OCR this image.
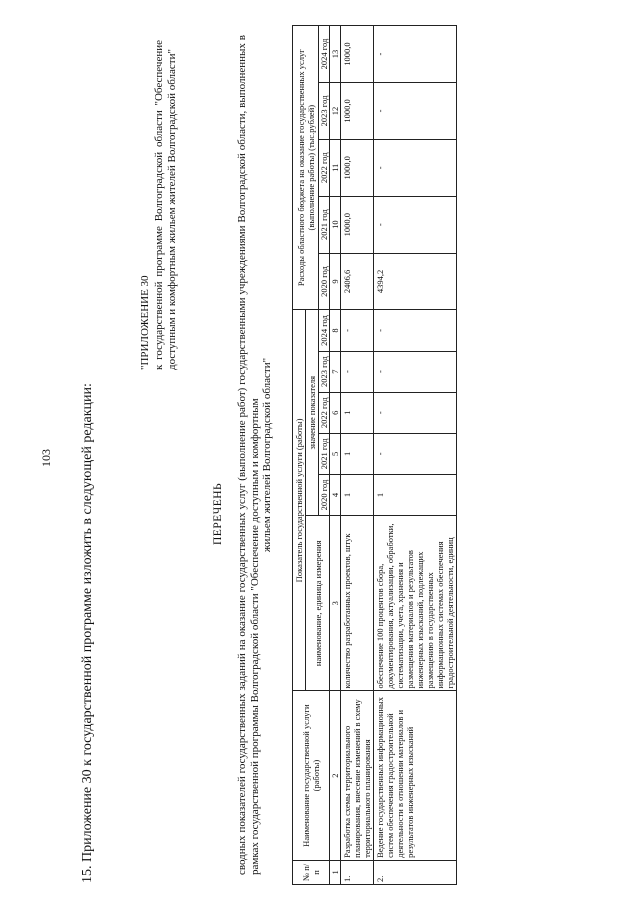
103 15. Приложение 30 к государственной программе изложить в следующей редакции:
"ПРИЛОЖЕНИЕ 30 к государственной программе Волгоградской области "Обеспечение доступным и комфортным жильем жителей Волгоградской области"
ПЕРЕЧЕНЬ сводных показателей государственных заданий на оказание государственных услуг (выполнение работ) государственными учреждениями Волгоградской области, выполненных в рамках государственной программы Волгоградской области "Обеспечение доступным и комфортным жильем жителей Волгоградской области"
№ п/п	Наименование государственной услуги (работы)	Показатель государственной услуги (работы)						Расходы областного бюджета на оказание государственных услуг (выполнение работы) (тыс.рублей)				
		наименование, единица измерения	значение показателя									
			2020 год	2021 год	2022 год	2023 год	2024 год	2020 год	2021 год	2022 год	2023 год	2024 год
1	2	3	4	5	6	7	8	9	10	11	12	13
1.	Разработка схемы территориального планирования, внесение изменений в схему территориального планирования	количество разработанных проектов, штук	1	1	1	-	-	2406,6	1000,0	1000,0	1000,0	1000,0
2.	Ведение государственных информационных систем обеспечения градостроительной деятельности в отношении материалов и результатов инженерных изысканий	обеспечение 100 процентов сбора, документирования, актуализации, обработки, систематизации, учета, хранения и размещения материалов и результатов инженерных изысканий, подлежащих размещению в государственных информационных системах обеспечения градостроительной деятельности, единиц	1	-	-	-	-	4394,2	-	-	-	-
